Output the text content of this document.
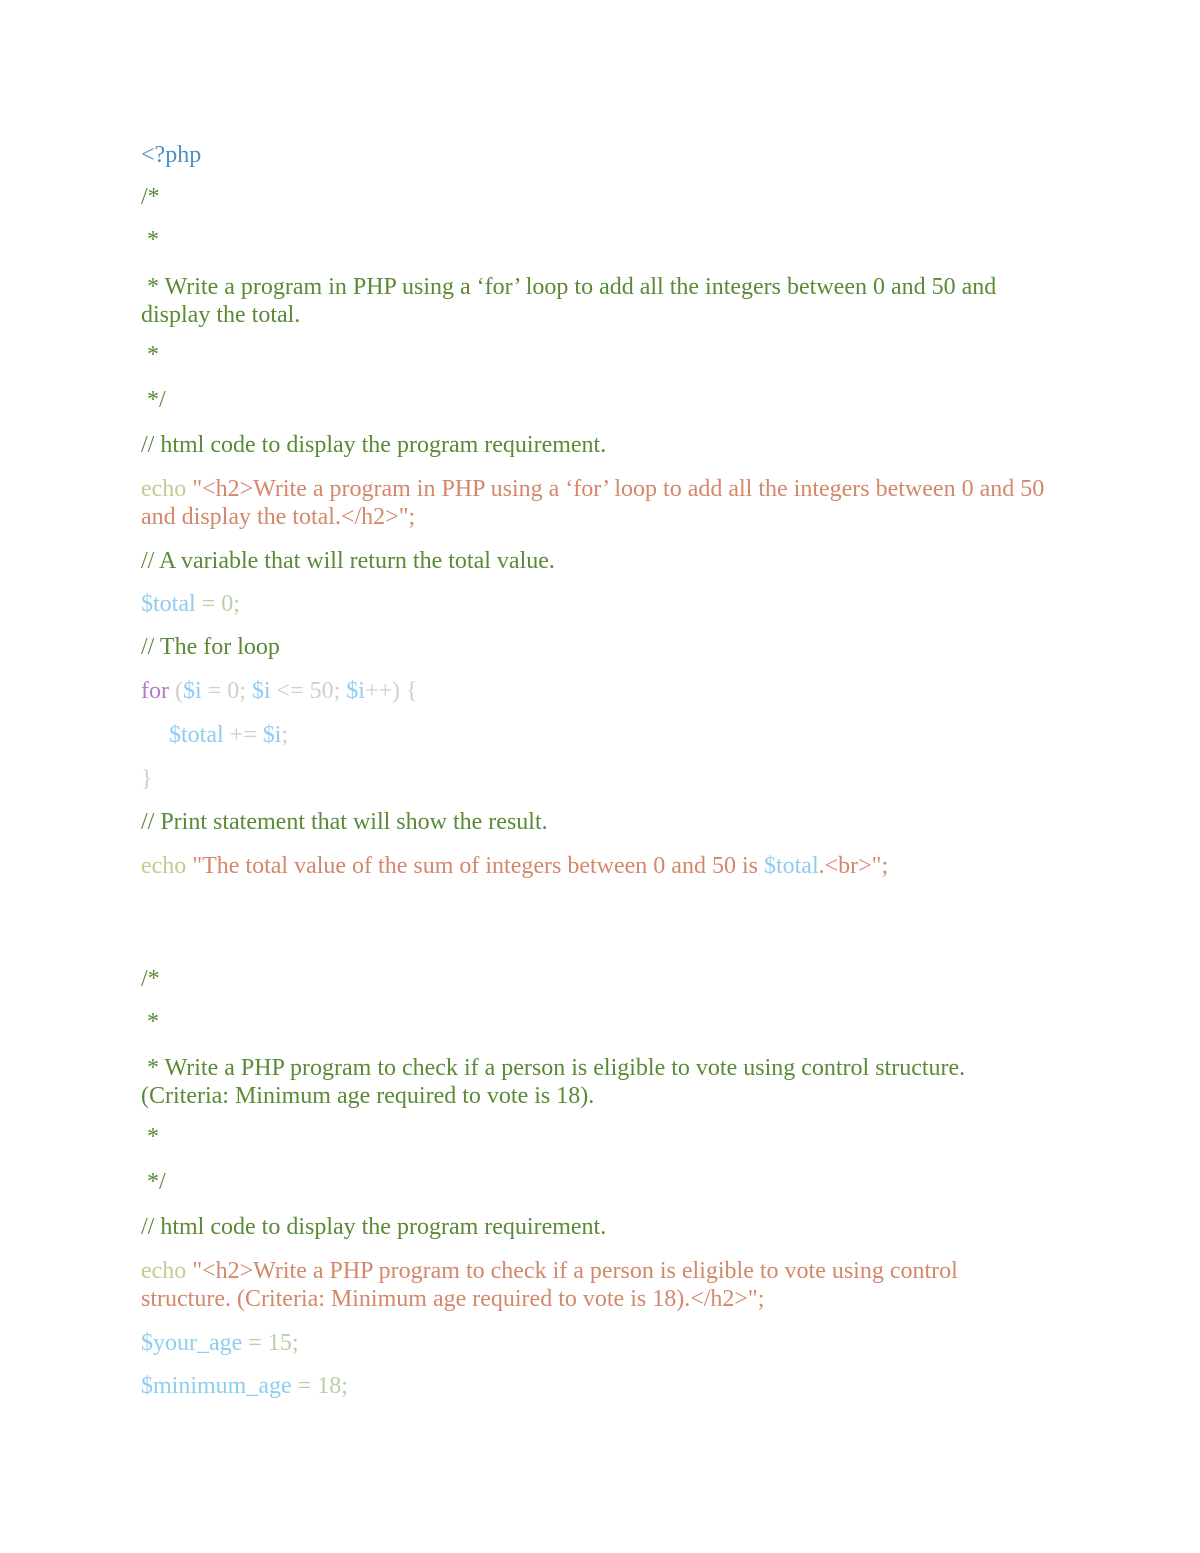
<?php

/*

*

* Write a program in PHP using a ‘for’ loop to add all the integers between 0 and 50 and display the total.

*

*/

// html code to display the program requirement.

echo "<h2>Write a program in PHP using a ‘for’ loop to add all the integers between 0 and 50 and display the total.</h2>";

// A variable that will return the total value.

$total = 0;

// The for loop

for ($i = 0; $i <= 50; $i++) {

$total += $i;

}

// Print statement that will show the result.

echo "The total value of the sum of integers between 0 and 50 is $total.<br>";

/*

*

* Write a PHP program to check if a person is eligible to vote using control structure. (Criteria: Minimum age required to vote is 18).

*

*/

// html code to display the program requirement.

echo "<h2>Write a PHP program to check if a person is eligible to vote using control structure. (Criteria: Minimum age required to vote is 18).</h2>";

$your_age = 15;

$minimum_age = 18;
